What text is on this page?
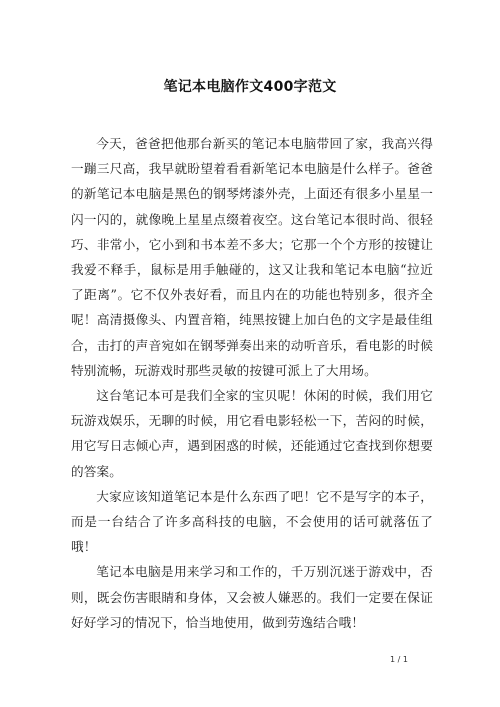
笔记本电脑作文400字范文

今天，爸爸把他那台新买的笔记本电脑带回了家，我高兴得一蹦三尺高，我早就盼望着看看新笔记本电脑是什么样子。爸爸的新笔记本电脑是黑色的钢琴烤漆外壳，上面还有很多小星星一闪一闪的，就像晚上星星点缀着夜空。这台笔记本很时尚、很轻巧、非常小，它小到和书本差不多大；它那一个个方形的按键让我爱不释手，鼠标是用手触碰的，这又让我和笔记本电脑“拉近了距离”。它不仅外表好看，而且内在的功能也特别多，很齐全呢！高清摄像头、内置音箱，纯黑按键上加白色的文字是最佳组合，击打的声音宛如在钢琴弹奏出来的动听音乐，看电影的时候特别流畅，玩游戏时那些灵敏的按键可派上了大用场。

这台笔记本可是我们全家的宝贝呢！休闲的时候，我们用它玩游戏娱乐，无聊的时候，用它看电影轻松一下，苦闷的时候，用它写日志倾心声，遇到困惑的时候，还能通过它查找到你想要的答案。

大家应该知道笔记本是什么东西了吧！它不是写字的本子，而是一台结合了许多高科技的电脑，不会使用的话可就落伍了哦！

笔记本电脑是用来学习和工作的，千万别沉迷于游戏中，否则，既会伤害眼睛和身体，又会被人嫌恶的。我们一定要在保证好好学习的情况下，恰当地使用，做到劳逸结合哦！

1 / 1
